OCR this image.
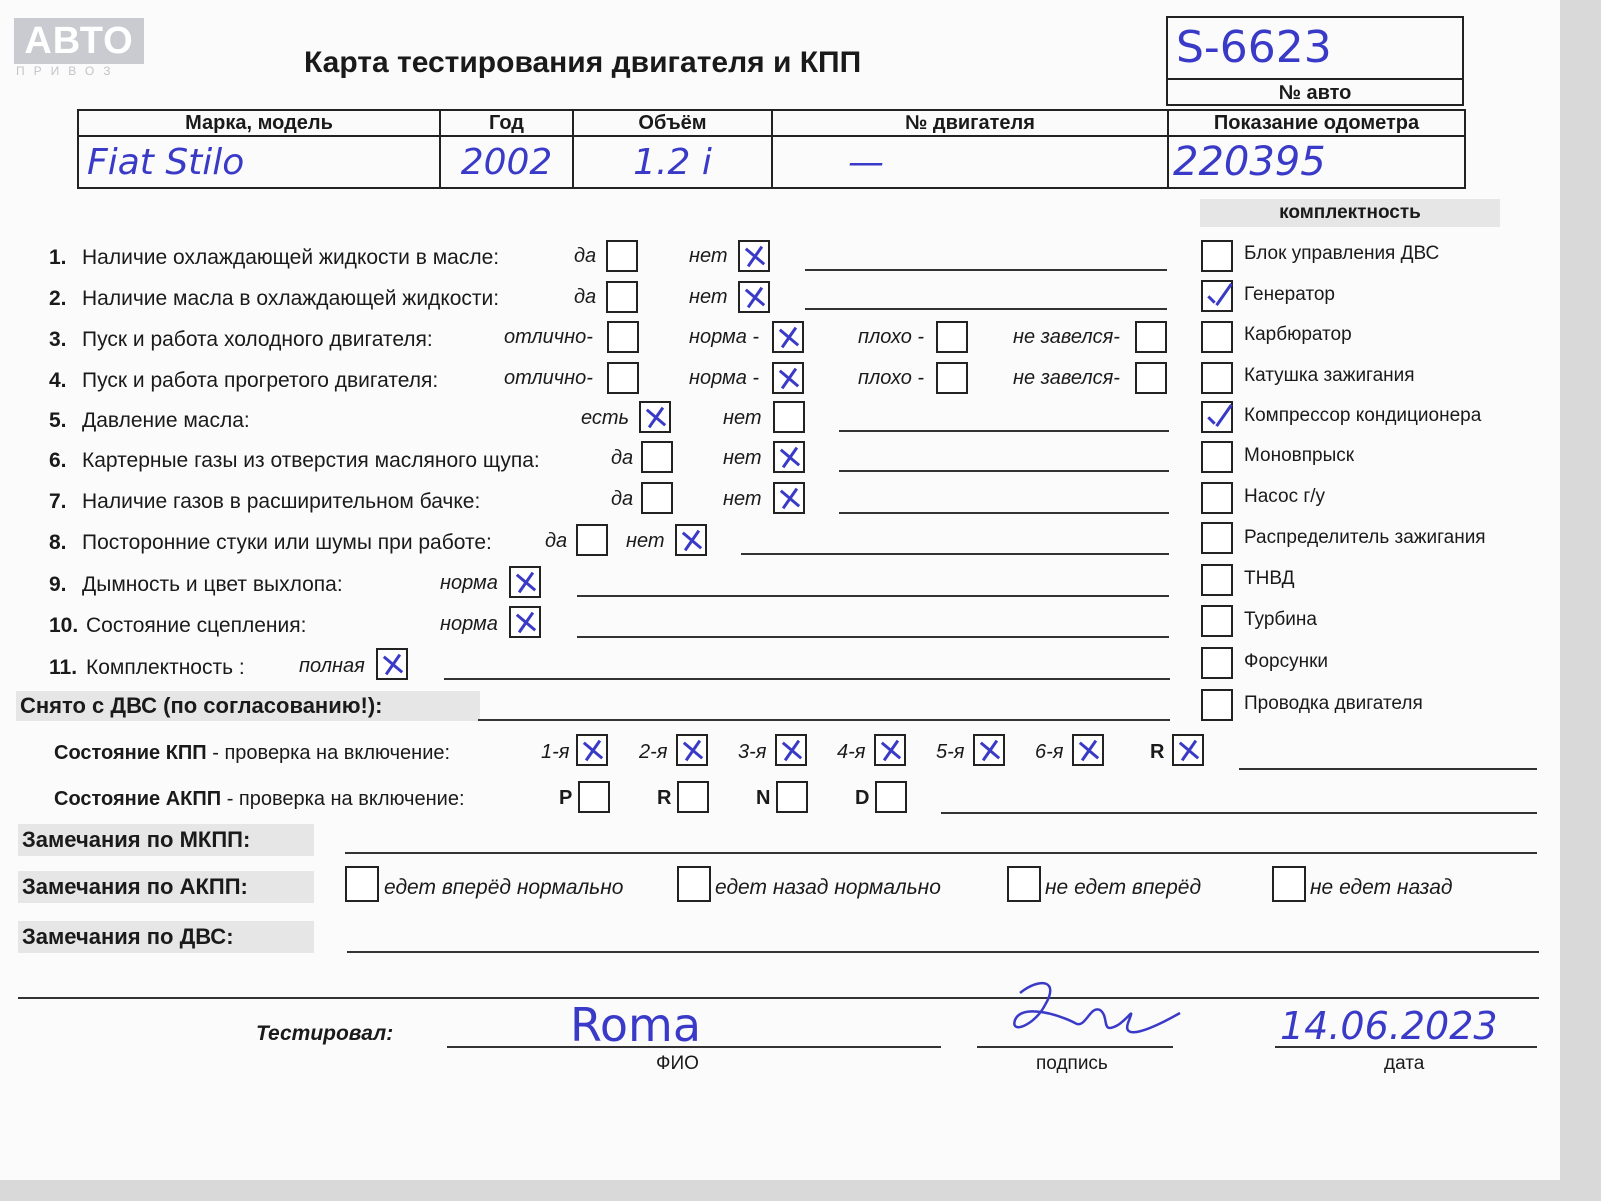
АВТО
ПРИВОЗ	Карта тестирования двигателя и КПП	S-6623
№ авто
Марка, модель	Год	Объём	№ двигателя	Показание одометра
Fiat Stilo	2002	1.2 i	—	220395
комплектность
Блок управления ДВС
Генератор
Карбюратор
Катушка зажигания
Компрессор кондиционера
Моновпрыск
Насос г/у
Распределитель зажигания
ТНВД
Турбина
Форсунки
Проводка двигателя
1. Наличие охлаждающей жидкости в масле:	да	нет
2. Наличие масла в охлаждающей жидкости:	да	нет
3. Пуск и работа холодного двигателя:	отлично-	норма -	плохо -	не завелся-
4. Пуск и работа прогретого двигателя:	отлично-	норма -	плохо -	не завелся-
5. Давление масла:	есть	нет
6. Картерные газы из отверстия масляного щупа:	да	нет
7. Наличие газов в расширительном бачке:	да	нет
8. Посторонние стуки или шумы при работе:	да	нет
9. Дымность и цвет выхлопа:	норма
10. Состояние сцепления:	норма
11. Комплектность :	полная
Снято с ДВС (по согласованию!):
Состояние КПП - проверка на включение:	1-я	2-я	3-я	4-я	5-я	6-я	R
Состояние АКПП - проверка на включение:	P	R	N	D
Замечания по МКПП:
Замечания по АКПП:	едет вперёд нормально	едет назад нормально	не едет вперёд	не едет назад
Замечания по ДВС:
Тестировал:	Roma
ФИО	подпись
14.06.2023
дата
